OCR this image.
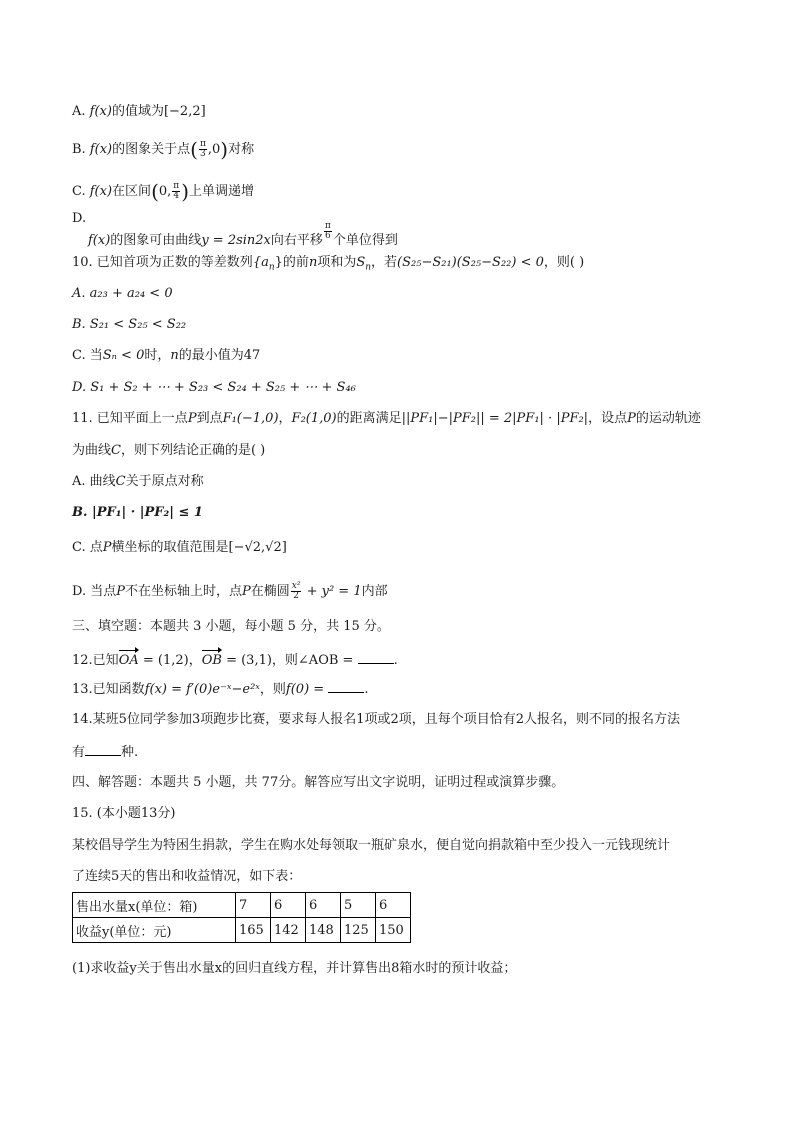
A. f(x)的值域为[−2,2]
B. f(x)的图象关于点( $\frac{\pi}{3} ,0$)对称
C. f(x)在区间(0, $\frac{\pi}{4}$ )上单调递增
D.
f(x)的图象可由曲线y = 2sin2x向右平移 $\frac{\pi}{6}$ 个单位得到
10. 已知首项为正数的等差数列$\{a_n\}$的前n项和为$S_n$，若(S₂₅−S₂₁)(S₂₅−S₂₂) < 0，则( )
A. a₂₃ + a₂₄ < 0
B. S₂₁ < S₂₅ < S₂₂
C. 当Sₙ < 0时，n的最小值为47
D. S₁ + S₂ + ⋯ + S₂₃ < S₂₄ + S₂₅ + ⋯ + S₄₆
11. 已知平面上一点P到点F₁(−1,0)，F₂(1,0)的距离满足||PF₁|−|PF₂|| = 2|PF₁| · |PF₂|，设点P的运动轨迹
为曲线C，则下列结论正确的是( )
A. 曲线C关于原点对称
B. |PF₁| · |PF₂| ≤ 1
C. 点P横坐标的取值范围是[−√2,√2]
D. 当点P不在坐标轴上时，点P在椭圆 $\frac{\text{x²}}{2} + y^2 = 1$内部
三、填空题：本题共 3 小题，每小题 5 分，共 15 分。
12.已知OA = (1,2)，OB = (3,1)，则∠AOB =	.
13.已知函数f(x) = f′(0)e⁻ˣ−e²ˣ，则f(0) =	.
14.某班5位同学参加3项跑步比赛，要求每人报名1项或2项，且每个项目恰有2人报名，则不同的报名方法
有	种.
四、解答题：本题共 5 小题，共 77分。解答应写出文字说明，证明过程或演算步骤。
15. (本小题13分)
某校倡导学生为特困生捐款，学生在购水处每领取一瓶矿泉水，便自觉向捐款箱中至少投入一元钱现统计
了连续5天的售出和收益情况，如下表：
售出水量x(单位：箱)	7	6	6	5	6
收益y(单位：元)	165	142	148	125	150
(1)求收益y关于售出水量x的回归直线方程，并计算售出8箱水时的预计收益；
